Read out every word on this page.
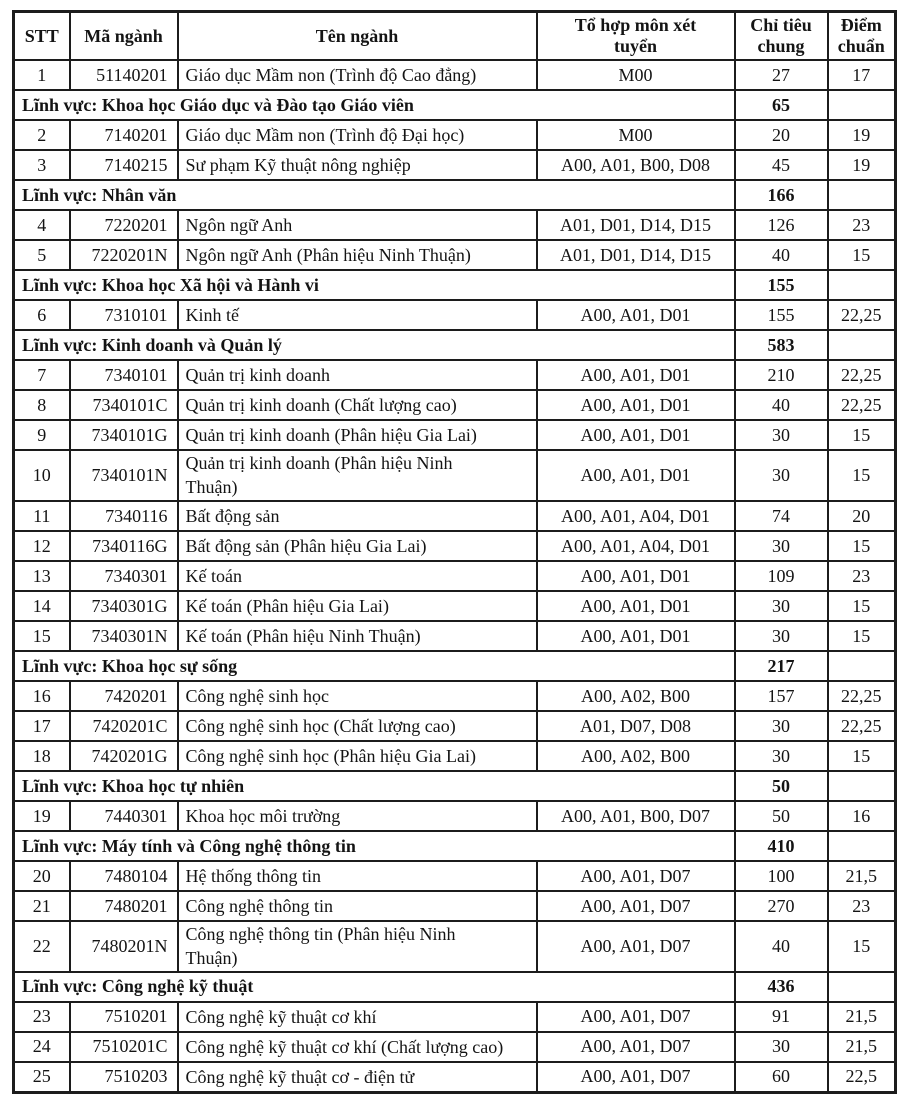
STT	Mã ngành	Tên ngành	Tổ hợp môn xét tuyển	Chỉ tiêu chung	Điểm chuẩn
1	51140201	Giáo dục Mầm non (Trình độ Cao đẳng)	M00	27	17
Lĩnh vực: Khoa học Giáo dục và Đào tạo Giáo viên				65	
2	7140201	Giáo dục Mầm non (Trình độ Đại học)	M00	20	19
3	7140215	Sư phạm Kỹ thuật nông nghiệp	A00, A01, B00, D08	45	19
Lĩnh vực: Nhân văn				166	
4	7220201	Ngôn ngữ Anh	A01, D01, D14, D15	126	23
5	7220201N	Ngôn ngữ Anh (Phân hiệu Ninh Thuận)	A01, D01, D14, D15	40	15
Lĩnh vực: Khoa học Xã hội và Hành vi				155	
6	7310101	Kinh tế	A00, A01, D01	155	22,25
Lĩnh vực: Kinh doanh và Quản lý				583	
7	7340101	Quản trị kinh doanh	A00, A01, D01	210	22,25
8	7340101C	Quản trị kinh doanh (Chất lượng cao)	A00, A01, D01	40	22,25
9	7340101G	Quản trị kinh doanh (Phân hiệu Gia Lai)	A00, A01, D01	30	15
10	7340101N	Quản trị kinh doanh (Phân hiệu Ninh Thuận)	A00, A01, D01	30	15
11	7340116	Bất động sản	A00, A01, A04, D01	74	20
12	7340116G	Bất động sản (Phân hiệu Gia Lai)	A00, A01, A04, D01	30	15
13	7340301	Kế toán	A00, A01, D01	109	23
14	7340301G	Kế toán (Phân hiệu Gia Lai)	A00, A01, D01	30	15
15	7340301N	Kế toán (Phân hiệu Ninh Thuận)	A00, A01, D01	30	15
Lĩnh vực: Khoa học sự sống				217	
16	7420201	Công nghệ sinh học	A00, A02, B00	157	22,25
17	7420201C	Công nghệ sinh học (Chất lượng cao)	A01, D07, D08	30	22,25
18	7420201G	Công nghệ sinh học (Phân hiệu Gia Lai)	A00, A02, B00	30	15
Lĩnh vực: Khoa học tự nhiên				50	
19	7440301	Khoa học môi trường	A00, A01, B00, D07	50	16
Lĩnh vực: Máy tính và Công nghệ thông tin				410	
20	7480104	Hệ thống thông tin	A00, A01, D07	100	21,5
21	7480201	Công nghệ thông tin	A00, A01, D07	270	23
22	7480201N	Công nghệ thông tin (Phân hiệu Ninh Thuận)	A00, A01, D07	40	15
Lĩnh vực: Công nghệ kỹ thuật				436	
23	7510201	Công nghệ kỹ thuật cơ khí	A00, A01, D07	91	21,5
24	7510201C	Công nghệ kỹ thuật cơ khí (Chất lượng cao)	A00, A01, D07	30	21,5
25	7510203	Công nghệ kỹ thuật cơ - điện tử	A00, A01, D07	60	22,5
